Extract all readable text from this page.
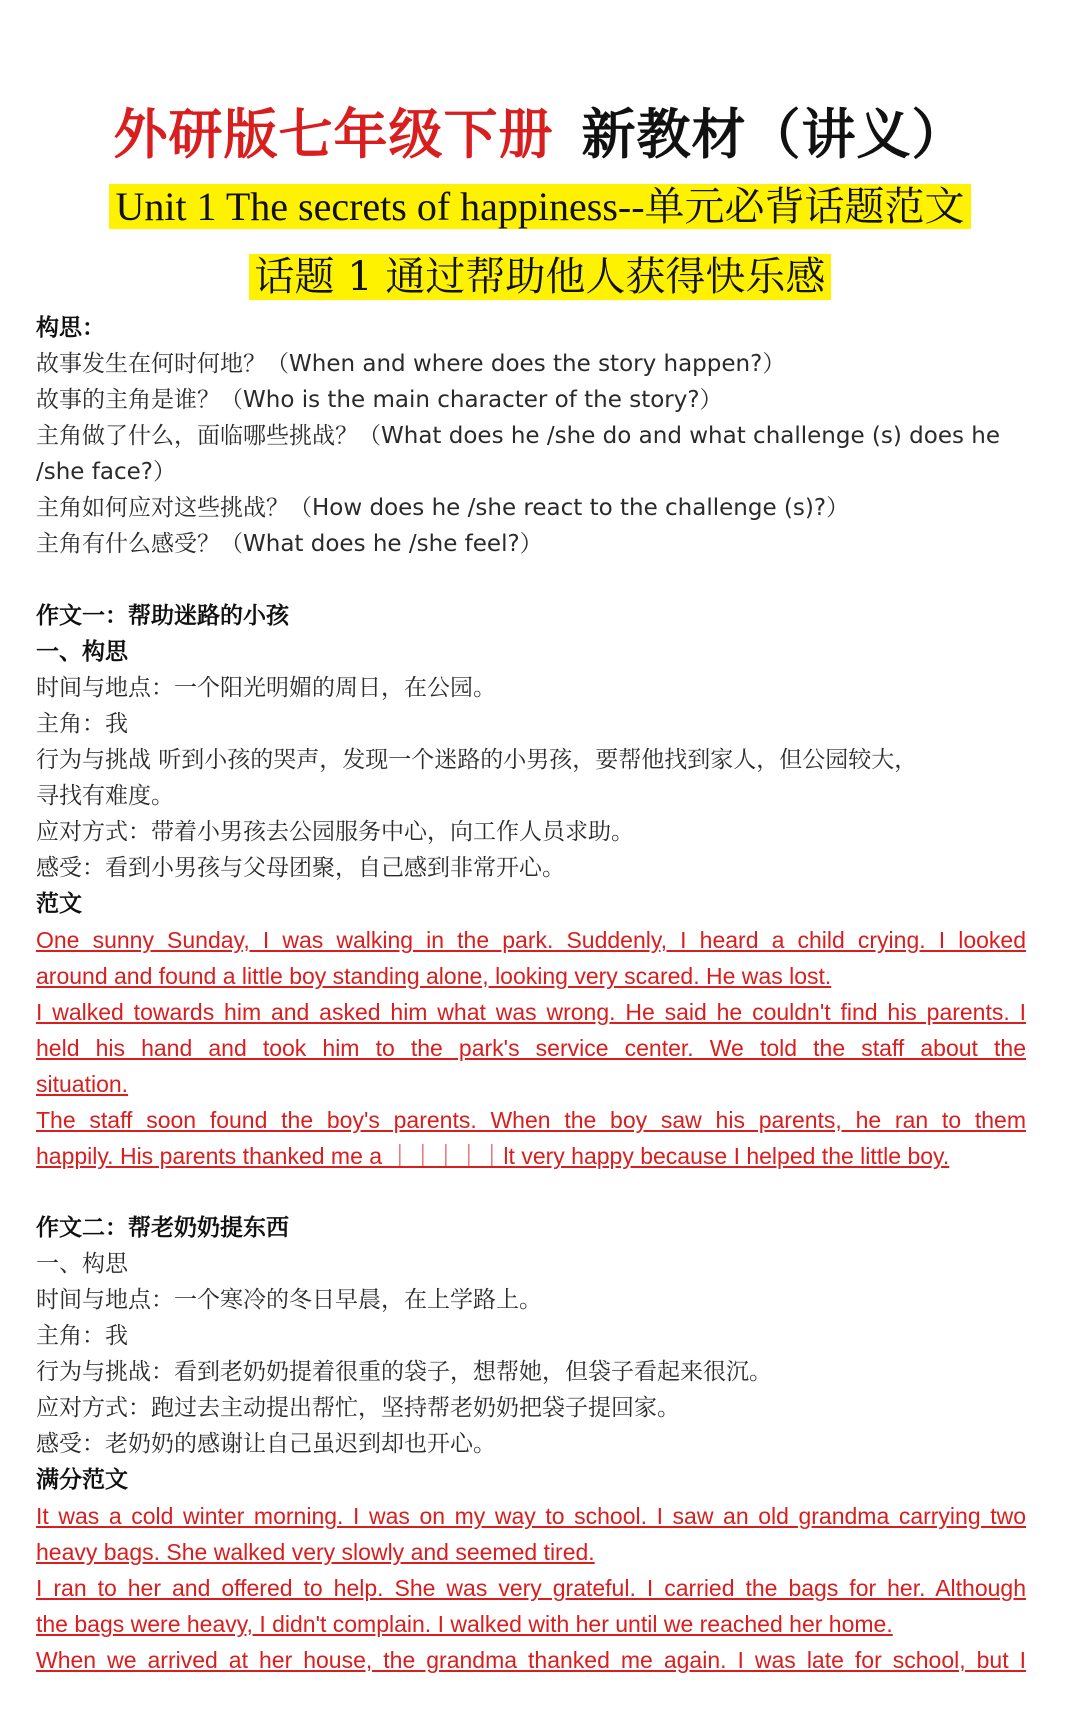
外研版七年级下册 新教材（讲义）
Unit 1 The secrets of happiness--单元必背话题范文
话题 1 通过帮助他人获得快乐感
构思：
故事发生在何时何地？（When and where does the story happen?）
故事的主角是谁？（Who is the main character of the story?）
主角做了什么，面临哪些挑战？（What does he /she do and what challenge (s) does he
/she face?）
主角如何应对这些挑战？（How does he /she react to the challenge (s)?）
主角有什么感受？（What does he /she feel?）
作文一：帮助迷路的小孩
一、构思
时间与地点：一个阳光明媚的周日，在公园。
主角：我
行为与挑战 听到小孩的哭声，发现一个迷路的小男孩，要帮他找到家人，但公园较大，
寻找有难度。
应对方式：带着小男孩去公园服务中心，向工作人员求助。
感受：看到小男孩与父母团聚，自己感到非常开心。
范文
One sunny Sunday, I was walking in the park. Suddenly, I heard a child crying. I looked
around and found a little boy standing alone, looking very scared. He was lost.
I walked towards him and asked him what was wrong. He said he couldn't find his parents. I
held his hand and took him to the park's service center. We told the staff about the
situation.
The staff soon found the boy's parents. When the boy saw his parents, he ran to them
happily. His parents thanked me a ｜｜｜｜｜lt very happy because I helped the little boy.
作文二：帮老奶奶提东西
一、构思
时间与地点：一个寒冷的冬日早晨，在上学路上。
主角：我
行为与挑战：看到老奶奶提着很重的袋子，想帮她，但袋子看起来很沉。
应对方式：跑过去主动提出帮忙，坚持帮老奶奶把袋子提回家。
感受：老奶奶的感谢让自己虽迟到却也开心。
满分范文
It was a cold winter morning. I was on my way to school. I saw an old grandma carrying two
heavy bags. She walked very slowly and seemed tired.
I ran to her and offered to help. She was very grateful. I carried the bags for her. Although
the bags were heavy, I didn't complain. I walked with her until we reached her home.
When we arrived at her house, the grandma thanked me again. I was late for school, but I
